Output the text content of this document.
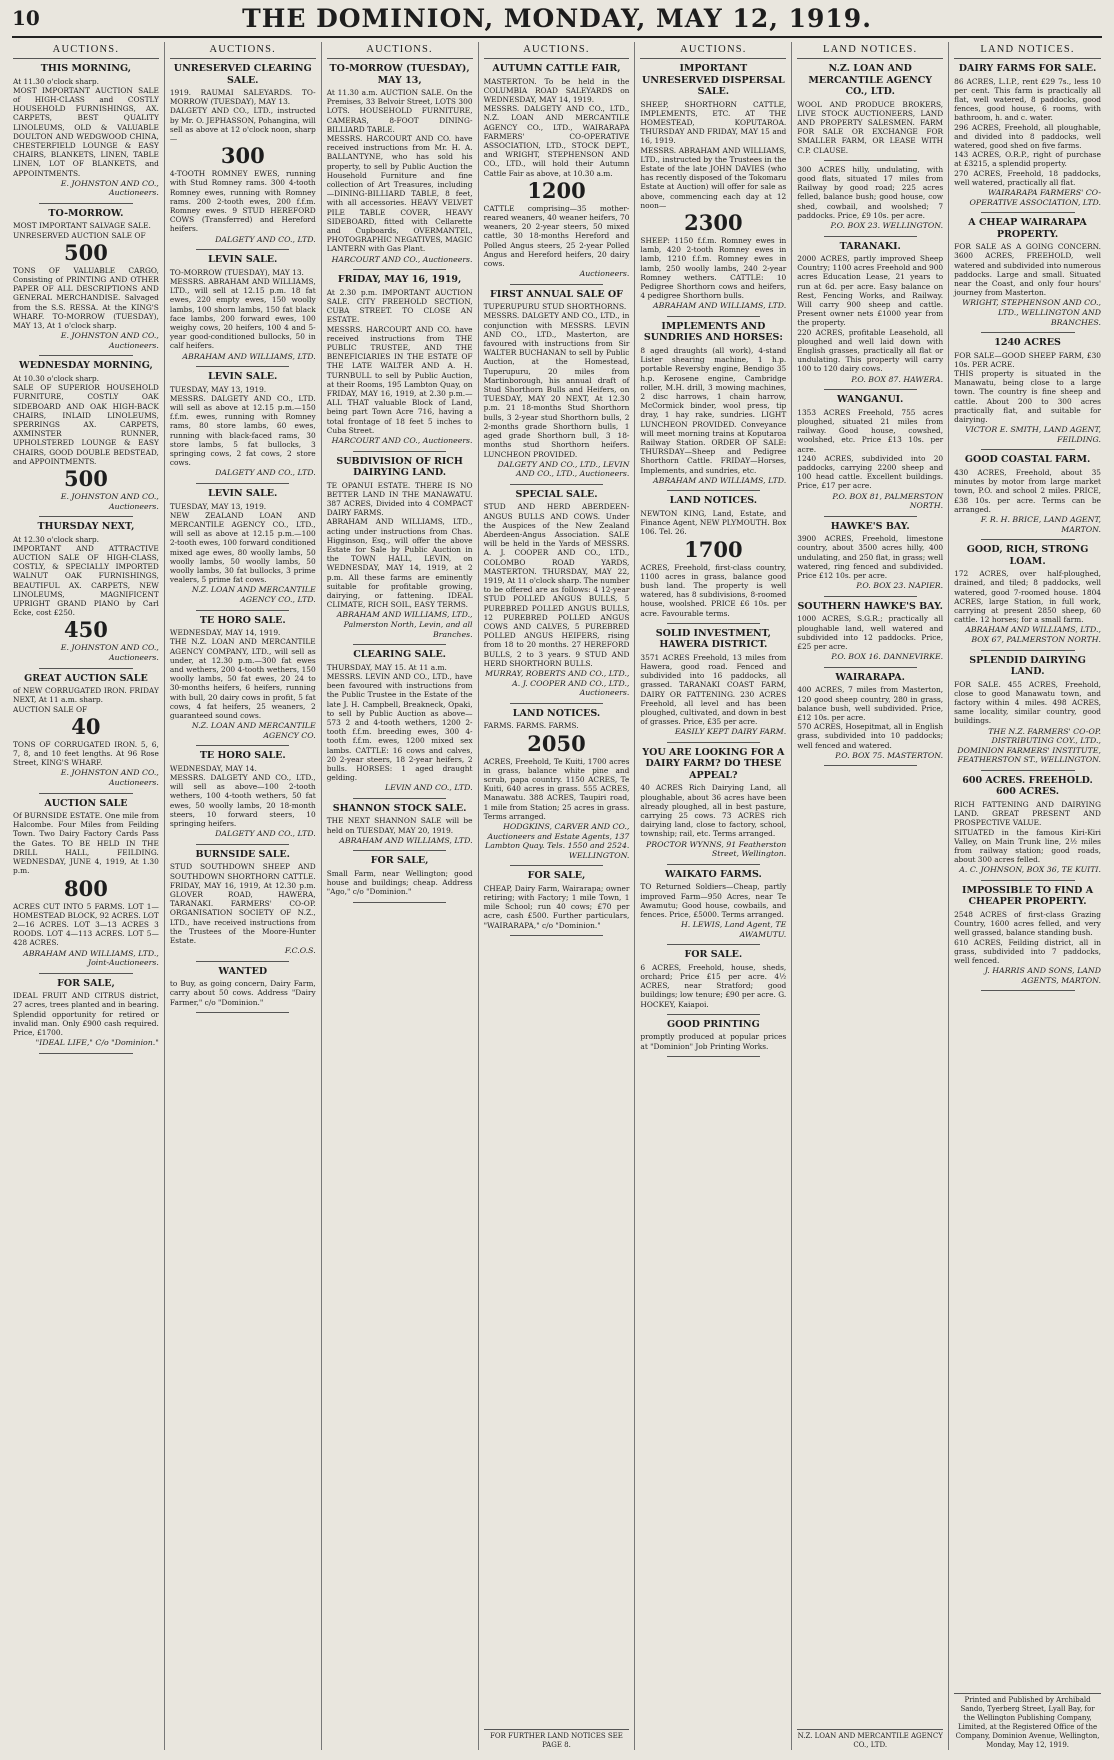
10	THE DOMINION, MONDAY, MAY 12, 1919.
AUCTIONS.
THIS MORNING,
At 11.30 o'clock sharp.
MOST IMPORTANT AUCTION SALE of HIGH-CLASS and COSTLY HOUSEHOLD FURNISHINGS, AX. CARPETS, BEST QUALITY LINOLEUMS, OLD & VALUABLE DOULTON AND WEDGWOOD CHINA, CHESTERFIELD LOUNGE & EASY CHAIRS, BLANKETS, LINEN, TABLE LINEN, LOT OF BLANKETS, and APPOINTMENTS.
E. JOHNSTON AND CO., Auctioneers.
TO-MORROW.
MOST IMPORTANT SALVAGE SALE.
UNRESERVED AUCTION SALE OF
500
TONS OF VALUABLE CARGO, Consisting of PRINTING AND OTHER PAPER OF ALL DESCRIPTIONS AND GENERAL MERCHANDISE. Salvaged from the S.S. RESSA. At the KING'S WHARF. TO-MORROW (TUESDAY), MAY 13, At 1 o'clock sharp.
E. JOHNSTON AND CO., Auctioneers.
WEDNESDAY MORNING,
At 10.30 o'clock sharp.
SALE OF SUPERIOR HOUSEHOLD FURNITURE, COSTLY OAK SIDEBOARD AND OAK HIGH-BACK CHAIRS, INLAID LINOLEUMS, SPERRINGS AX. CARPETS, AXMINSTER RUNNER, UPHOLSTERED LOUNGE & EASY CHAIRS, GOOD DOUBLE BEDSTEAD, and APPOINTMENTS.
500
E. JOHNSTON AND CO., Auctioneers.
THURSDAY NEXT,
At 12.30 o'clock sharp.
IMPORTANT AND ATTRACTIVE AUCTION SALE OF HIGH-CLASS, COSTLY, & SPECIALLY IMPORTED WALNUT OAK FURNISHINGS, BEAUTIFUL AX. CARPETS, NEW LINOLEUMS, MAGNIFICENT UPRIGHT GRAND PIANO by Carl Ecke, cost £250.
450
E. JOHNSTON AND CO., Auctioneers.
GREAT AUCTION SALE
of NEW CORRUGATED IRON. FRIDAY NEXT, At 11 a.m. sharp.
AUCTION SALE OF
40
TONS OF CORRUGATED IRON. 5, 6, 7, 8, and 10 feet lengths. At 96 Rose Street, KING'S WHARF.
E. JOHNSTON AND CO., Auctioneers.
AUCTION SALE
Of BURNSIDE ESTATE. One mile from Halcombe. Four Miles from Feilding Town. Two Dairy Factory Cards Pass the Gates. TO BE HELD IN THE DRILL HALL, FEILDING. WEDNESDAY, JUNE 4, 1919, At 1.30 p.m.
800
ACRES CUT INTO 5 FARMS. LOT 1—HOMESTEAD BLOCK, 92 ACRES. LOT 2—16 ACRES. LOT 3—13 ACRES 3 ROODS. LOT 4—113 ACRES. LOT 5—428 ACRES.
ABRAHAM AND WILLIAMS, LTD., Joint-Auctioneers.
FOR SALE,
IDEAL FRUIT AND CITRUS district, 27 acres, trees planted and in bearing. Splendid opportunity for retired or invalid man. Only £900 cash required. Price, £1700.
"IDEAL LIFE," C/o "Dominion."
AUCTIONS.
UNRESERVED CLEARING SALE.
1919. RAUMAI SALEYARDS. TO-MORROW (TUESDAY), MAY 13.
DALGETY AND CO., LTD., instructed by Mr. O. JEPHASSON, Pohangina, will sell as above at 12 o'clock noon, sharp—
300
4-TOOTH ROMNEY EWES, running with Stud Romney rams. 300 4-tooth Romney ewes, running with Romney rams. 200 2-tooth ewes, 200 f.f.m. Romney ewes. 9 STUD HEREFORD COWS (Transferred) and Hereford heifers.
DALGETY AND CO., LTD.
LEVIN SALE.
TO-MORROW (TUESDAY), MAY 13.
MESSRS. ABRAHAM AND WILLIAMS, LTD., will sell at 12.15 p.m. 18 fat ewes, 220 empty ewes, 150 woolly lambs, 100 shorn lambs, 150 fat black face lambs, 200 forward ewes, 100 weighy cows, 20 heifers, 100 4 and 5-year good-conditioned bullocks, 50 in calf heifers.
ABRAHAM AND WILLIAMS, LTD.
LEVIN SALE.
TUESDAY, MAY 13, 1919.
MESSRS. DALGETY AND CO., LTD. will sell as above at 12.15 p.m.—150 f.f.m. ewes, running with Romney rams, 80 store lambs, 60 ewes, running with black-faced rams, 30 store lambs, 5 fat bullocks, 3 springing cows, 2 fat cows, 2 store cows.
DALGETY AND CO., LTD.
LEVIN SALE.
TUESDAY, MAY 13, 1919.
NEW ZEALAND LOAN AND MERCANTILE AGENCY CO., LTD., will sell as above at 12.15 p.m.—100 2-tooth ewes, 100 forward conditioned mixed age ewes, 80 woolly lambs, 50 woolly lambs, 50 woolly lambs, 50 woolly lambs, 30 fat bullocks, 3 prime vealers, 5 prime fat cows.
N.Z. LOAN AND MERCANTILE AGENCY CO., LTD.
TE HORO SALE.
WEDNESDAY, MAY 14, 1919.
THE N.Z. LOAN AND MERCANTILE AGENCY COMPANY, LTD., will sell as under, at 12.30 p.m.—300 fat ewes and wethers, 200 4-tooth wethers, 150 woolly lambs, 50 fat ewes, 20 24 to 30-months heifers, 6 heifers, running with bull, 20 dairy cows in profit, 5 fat cows, 4 fat heifers, 25 weaners, 2 guaranteed sound cows.
N.Z. LOAN AND MERCANTILE AGENCY CO.
TE HORO SALE.
WEDNESDAY, MAY 14.
MESSRS. DALGETY AND CO., LTD., will sell as above—100 2-tooth wethers, 100 4-tooth wethers, 50 fat ewes, 50 woolly lambs, 20 18-month steers, 10 forward steers, 10 springing heifers.
DALGETY AND CO., LTD.
BURNSIDE SALE.
STUD SOUTHDOWN SHEEP AND SOUTHDOWN SHORTHORN CATTLE. FRIDAY, MAY 16, 1919, At 12.30 p.m. GLOVER ROAD, HAWERA, TARANAKI. FARMERS' CO-OP. ORGANISATION SOCIETY OF N.Z., LTD., have received instructions from the Trustees of the Moore-Hunter Estate.
F.C.O.S.
WANTED
to Buy, as going concern, Dairy Farm, carry about 50 cows. Address "Dairy Farmer," c/o "Dominion."
AUCTIONS.
TO-MORROW (TUESDAY), MAY 13,
At 11.30 a.m. AUCTION SALE. On the Premises, 33 Belvoir Street, LOTS 300 LOTS. HOUSEHOLD FURNITURE, CAMERAS, 8-FOOT DINING-BILLIARD TABLE.
MESSRS. HARCOURT AND CO. have received instructions from Mr. H. A. BALLANTYNE, who has sold his property, to sell by Public Auction the Household Furniture and fine collection of Art Treasures, including—DINING-BILLIARD TABLE, 8 feet, with all accessories. HEAVY VELVET PILE TABLE COVER, HEAVY SIDEBOARD, fitted with Cellarette and Cupboards, OVERMANTEL, PHOTOGRAPHIC NEGATIVES, MAGIC LANTERN with Gas Plant.
HARCOURT AND CO., Auctioneers.
FRIDAY, MAY 16, 1919,
At 2.30 p.m. IMPORTANT AUCTION SALE. CITY FREEHOLD SECTION, CUBA STREET. TO CLOSE AN ESTATE.
MESSRS. HARCOURT AND CO. have received instructions from THE PUBLIC TRUSTEE, AND THE BENEFICIARIES IN THE ESTATE OF THE LATE WALTER AND A. H. TURNBULL to sell by Public Auction, at their Rooms, 195 Lambton Quay, on FRIDAY, MAY 16, 1919, at 2.30 p.m.— ALL THAT valuable Block of Land, being part Town Acre 716, having a total frontage of 18 feet 5 inches to Cuba Street.
HARCOURT AND CO., Auctioneers.
SUBDIVISION OF RICH DAIRYING LAND.
TE OPANUI ESTATE. THERE IS NO BETTER LAND IN THE MANAWATU. 387 ACRES, Divided into 4 COMPACT DAIRY FARMS.
ABRAHAM AND WILLIAMS, LTD., acting under instructions from Chas. Higginson, Esq., will offer the above Estate for Sale by Public Auction in the TOWN HALL, LEVIN, on WEDNESDAY, MAY 14, 1919, at 2 p.m. All these farms are eminently suitable for profitable growing, dairying, or fattening. IDEAL CLIMATE, RICH SOIL, EASY TERMS.
ABRAHAM AND WILLIAMS, LTD., Palmerston North, Levin, and all Branches.
CLEARING SALE.
THURSDAY, MAY 15. At 11 a.m.
MESSRS. LEVIN AND CO., LTD., have been favoured with instructions from the Public Trustee in the Estate of the late J. H. Campbell, Breakneck, Opaki, to sell by Public Auction as above—573 2 and 4-tooth wethers, 1200 2-tooth f.f.m. breeding ewes, 300 4-tooth f.f.m. ewes, 1200 mixed sex lambs. CATTLE: 16 cows and calves, 20 2-year steers, 18 2-year heifers, 2 bulls. HORSES: 1 aged draught gelding.
LEVIN AND CO., LTD.
SHANNON STOCK SALE.
THE NEXT SHANNON SALE will be held on TUESDAY, MAY 20, 1919.
ABRAHAM AND WILLIAMS, LTD.
FOR SALE,
Small Farm, near Wellington; good house and buildings; cheap. Address "Ago," c/o "Dominion."
AUCTIONS.
AUTUMN CATTLE FAIR,
MASTERTON. To be held in the COLUMBIA ROAD SALEYARDS on WEDNESDAY, MAY 14, 1919.
MESSRS. DALGETY AND CO., LTD., N.Z. LOAN AND MERCANTILE AGENCY CO., LTD., WAIRARAPA FARMERS' CO-OPERATIVE ASSOCIATION, LTD., STOCK DEPT., and WRIGHT, STEPHENSON AND CO., LTD., will hold their Autumn Cattle Fair as above, at 10.30 a.m.
1200
CATTLE comprising—35 mother-reared weaners, 40 weaner heifers, 70 weaners, 20 2-year steers, 50 mixed cattle, 30 18-months Hereford and Polled Angus steers, 25 2-year Polled Angus and Hereford heifers, 20 dairy cows.
Auctioneers.
FIRST ANNUAL SALE OF
TUPERUPURU STUD SHORTHORNS.
MESSRS. DALGETY AND CO., LTD., in conjunction with MESSRS. LEVIN AND CO., LTD., Masterton, are favoured with instructions from Sir WALTER BUCHANAN to sell by Public Auction, at the Homestead, Tuperupuru, 20 miles from Martinborough, his annual draft of Stud Shorthorn Bulls and Heifers, on TUESDAY, MAY 20 NEXT, At 12.30 p.m. 21 18-months Stud Shorthorn bulls, 3 2-year stud Shorthorn bulls, 2 2-months grade Shorthorn bulls, 1 aged grade Shorthorn bull, 3 18-months stud Shorthorn heifers. LUNCHEON PROVIDED.
DALGETY AND CO., LTD., LEVIN AND CO., LTD., Auctioneers.
SPECIAL SALE.
STUD AND HERD ABERDEEN-ANGUS BULLS AND COWS. Under the Auspices of the New Zealand Aberdeen-Angus Association. SALE will be held in the Yards of MESSRS. A. J. COOPER AND CO., LTD., COLOMBO ROAD YARDS, MASTERTON. THURSDAY, MAY 22, 1919, At 11 o'clock sharp. The number to be offered are as follows: 4 12-year STUD POLLED ANGUS BULLS, 5 PUREBRED POLLED ANGUS BULLS, 12 PUREBRED POLLED ANGUS COWS AND CALVES, 5 PUREBRED POLLED ANGUS HEIFERS, rising from 18 to 20 months. 27 HEREFORD BULLS, 2 to 3 years. 9 STUD AND HERD SHORTHORN BULLS.
MURRAY, ROBERTS AND CO., LTD., A. J. COOPER AND CO., LTD., Auctioneers.
LAND NOTICES.
FARMS. FARMS. FARMS.
2050
ACRES, Freehold, Te Kuiti, 1700 acres in grass, balance white pine and scrub, papa country. 1150 ACRES, Te Kuiti, 640 acres in grass. 555 ACRES, Manawatu. 388 ACRES, Taupiri road, 1 mile from Station; 25 acres in grass. Terms arranged.
HODGKINS, CARVER AND CO., Auctioneers and Estate Agents, 137 Lambton Quay. Tels. 1550 and 2524. WELLINGTON.
FOR SALE,
CHEAP, Dairy Farm, Wairarapa; owner retiring; with Factory; 1 mile Town, 1 mile School; run 40 cows; £70 per acre, cash £500. Further particulars, "WAIRARAPA," c/o "Dominion."
FOR FURTHER LAND NOTICES SEE PAGE 8.
AUCTIONS.
IMPORTANT UNRESERVED DISPERSAL SALE.
SHEEP, SHORTHORN CATTLE, IMPLEMENTS, ETC. AT THE HOMESTEAD, KOPUTAROA. THURSDAY AND FRIDAY, MAY 15 and 16, 1919.
MESSRS. ABRAHAM AND WILLIAMS, LTD., instructed by the Trustees in the Estate of the late JOHN DAVIES (who has recently disposed of the Tokomaru Estate at Auction) will offer for sale as above, commencing each day at 12 noon—
2300
SHEEP: 1150 f.f.m. Romney ewes in lamb, 420 2-tooth Romney ewes in lamb, 1210 f.f.m. Romney ewes in lamb, 250 woolly lambs, 240 2-year Romney wethers. CATTLE: 10 Pedigree Shorthorn cows and heifers, 4 pedigree Shorthorn bulls.
ABRAHAM AND WILLIAMS, LTD.
IMPLEMENTS AND SUNDRIES AND HORSES:
8 aged draughts (all work), 4-stand Lister shearing machine, 1 h.p. portable Reversby engine, Bendigo 35 h.p. Kerosene engine, Cambridge roller, M.H. drill, 3 mowing machines, 2 disc harrows, 1 chain harrow, McCormick binder, wool press, tip dray, 1 hay rake, sundries. LIGHT LUNCHEON PROVIDED. Conveyance will meet morning trains at Koputaroa Railway Station. ORDER OF SALE: THURSDAY—Sheep and Pedigree Shorthorn Cattle. FRIDAY—Horses, Implements, and sundries, etc.
ABRAHAM AND WILLIAMS, LTD.
LAND NOTICES.
NEWTON KING, Land, Estate, and Finance Agent, NEW PLYMOUTH. Box 106. Tel. 26.
1700
ACRES, Freehold, first-class country, 1100 acres in grass, balance good bush land. The property is well watered, has 8 subdivisions, 8-roomed house, woolshed. PRICE £6 10s. per acre. Favourable terms.
SOLID INVESTMENT, HAWERA DISTRICT.
3571 ACRES Freehold, 13 miles from Hawera, good road. Fenced and subdivided into 16 paddocks, all grassed. TARANAKI COAST FARM, DAIRY OR FATTENING. 230 ACRES Freehold, all level and has been ploughed, cultivated, and down in best of grasses. Price, £35 per acre.
EASILY KEPT DAIRY FARM.
YOU ARE LOOKING FOR A DAIRY FARM? DO THESE APPEAL?
40 ACRES Rich Dairying Land, all ploughable, about 36 acres have been already ploughed, all in best pasture, carrying 25 cows. 73 ACRES rich dairying land, close to factory, school, township; rail, etc. Terms arranged.
PROCTOR WYNNS, 91 Featherston Street, Wellington.
WAIKATO FARMS.
TO Returned Soldiers—Cheap, partly improved Farm—950 Acres, near Te Awamutu; Good house, cowbails, and fences. Price, £5000. Terms arranged.
H. LEWIS, Land Agent, TE AWAMUTU.
FOR SALE.
6 ACRES, Freehold, house, sheds, orchard; Price £15 per acre. 4½ ACRES, near Stratford; good buildings; low tenure; £90 per acre. G. HOCKEY, Kaiapoi.
GOOD PRINTING
promptly produced at popular prices at "Dominion" Job Printing Works.
LAND NOTICES.
N.Z. LOAN AND MERCANTILE AGENCY CO., LTD.
WOOL AND PRODUCE BROKERS, LIVE STOCK AUCTIONEERS, LAND AND PROPERTY SALESMEN. FARM FOR SALE OR EXCHANGE FOR SMALLER FARM, OR LEASE WITH C.P. CLAUSE.
300 ACRES hilly, undulating, with good flats, situated 17 miles from Railway by good road; 225 acres felled, balance bush; good house, cow shed, cowbail, and woolshed; 7 paddocks. Price, £9 10s. per acre.
P.O. BOX 23. WELLINGTON.
TARANAKI.
2000 ACRES, partly improved Sheep Country; 1100 acres Freehold and 900 acres Education Lease, 21 years to run at 6d. per acre. Easy balance on Rest, Fencing Works, and Railway. Will carry 900 sheep and cattle. Present owner nets £1000 year from the property.
220 ACRES, profitable Leasehold, all ploughed and well laid down with English grasses, practically all flat or undulating. This property will carry 100 to 120 dairy cows.
P.O. BOX 87. HAWERA.
WANGANUI.
1353 ACRES Freehold, 755 acres ploughed, situated 21 miles from railway. Good house, cowshed, woolshed, etc. Price £13 10s. per acre.
1240 ACRES, subdivided into 20 paddocks, carrying 2200 sheep and 100 head cattle. Excellent buildings. Price, £17 per acre.
P.O. BOX 81, PALMERSTON NORTH.
HAWKE'S BAY.
3900 ACRES, Freehold, limestone country, about 3500 acres hilly, 400 undulating, and 250 flat, in grass; well watered, ring fenced and subdivided. Price £12 10s. per acre.
P.O. BOX 23. NAPIER.
SOUTHERN HAWKE'S BAY.
1000 ACRES, S.G.R.; practically all ploughable land, well watered and subdivided into 12 paddocks. Price, £25 per acre.
P.O. BOX 16. DANNEVIRKE.
WAIRARAPA.
400 ACRES, 7 miles from Masterton, 120 good sheep country, 280 in grass, balance bush, well subdivided. Price, £12 10s. per acre.
570 ACRES, Hosepitmat, all in English grass, subdivided into 10 paddocks; well fenced and watered.
P.O. BOX 75. MASTERTON.
N.Z. LOAN AND MERCANTILE AGENCY CO., LTD.
LAND NOTICES.
DAIRY FARMS FOR SALE.
86 ACRES, L.I.P., rent £29 7s., less 10 per cent. This farm is practically all flat, well watered, 8 paddocks, good fences, good house, 6 rooms, with bathroom, h. and c. water.
296 ACRES, Freehold, all ploughable, and divided into 8 paddocks, well watered, good shed on five farms.
143 ACRES, O.R.P., right of purchase at £3215, a splendid property.
270 ACRES, Freehold, 18 paddocks, well watered, practically all flat.
WAIRARAPA FARMERS' CO-OPERATIVE ASSOCIATION, LTD.
A CHEAP WAIRARAPA PROPERTY.
FOR SALE AS A GOING CONCERN. 3600 ACRES, FREEHOLD, well watered and subdivided into numerous paddocks. Large and small. Situated near the Coast, and only four hours' journey from Masterton.
WRIGHT, STEPHENSON AND CO., LTD., WELLINGTON AND BRANCHES.
1240 ACRES
FOR SALE—GOOD SHEEP FARM, £30 10s. PER ACRE.
THIS property is situated in the Manawatu, being close to a large town. The country is fine sheep and cattle. About 200 to 300 acres practically flat, and suitable for dairying.
VICTOR E. SMITH, LAND AGENT, FEILDING.
GOOD COASTAL FARM.
430 ACRES, Freehold, about 35 minutes by motor from large market town, P.O. and school 2 miles. PRICE, £38 10s. per acre. Terms can be arranged.
F. R. H. BRICE, LAND AGENT, MARTON.
GOOD, RICH, STRONG LOAM.
172 ACRES, over half-ploughed, drained, and tiled; 8 paddocks, well watered, good 7-roomed house. 1804 ACRES, large Station, in full work, carrying at present 2850 sheep, 60 cattle. 12 horses; for a small farm.
ABRAHAM AND WILLIAMS, LTD., BOX 67, PALMERSTON NORTH.
SPLENDID DAIRYING LAND.
FOR SALE. 455 ACRES, Freehold, close to good Manawatu town, and factory within 4 miles. 498 ACRES, same locality, similar country, good buildings.
THE N.Z. FARMERS' CO-OP. DISTRIBUTING COY., LTD., DOMINION FARMERS' INSTITUTE, FEATHERSTON ST., WELLINGTON.
600 ACRES. FREEHOLD. 600 ACRES.
RICH FATTENING AND DAIRYING LAND. GREAT PRESENT AND PROSPECTIVE VALUE.
SITUATED in the famous Kiri-Kiri Valley, on Main Trunk line, 2½ miles from railway station; good roads, about 300 acres felled.
A. C. JOHNSON, BOX 36, TE KUITI.
IMPOSSIBLE TO FIND A CHEAPER PROPERTY.
2548 ACRES of first-class Grazing Country, 1600 acres felled, and very well grassed, balance standing bush.
610 ACRES, Feilding district, all in grass, subdivided into 7 paddocks, well fenced.
J. HARRIS AND SONS, LAND AGENTS, MARTON.
Printed and Published by Archibald Sando, Tyerberg Street, Lyall Bay, for the Wellington Publishing Company, Limited, at the Registered Office of the Company, Dominion Avenue, Wellington, Monday, May 12, 1919.
